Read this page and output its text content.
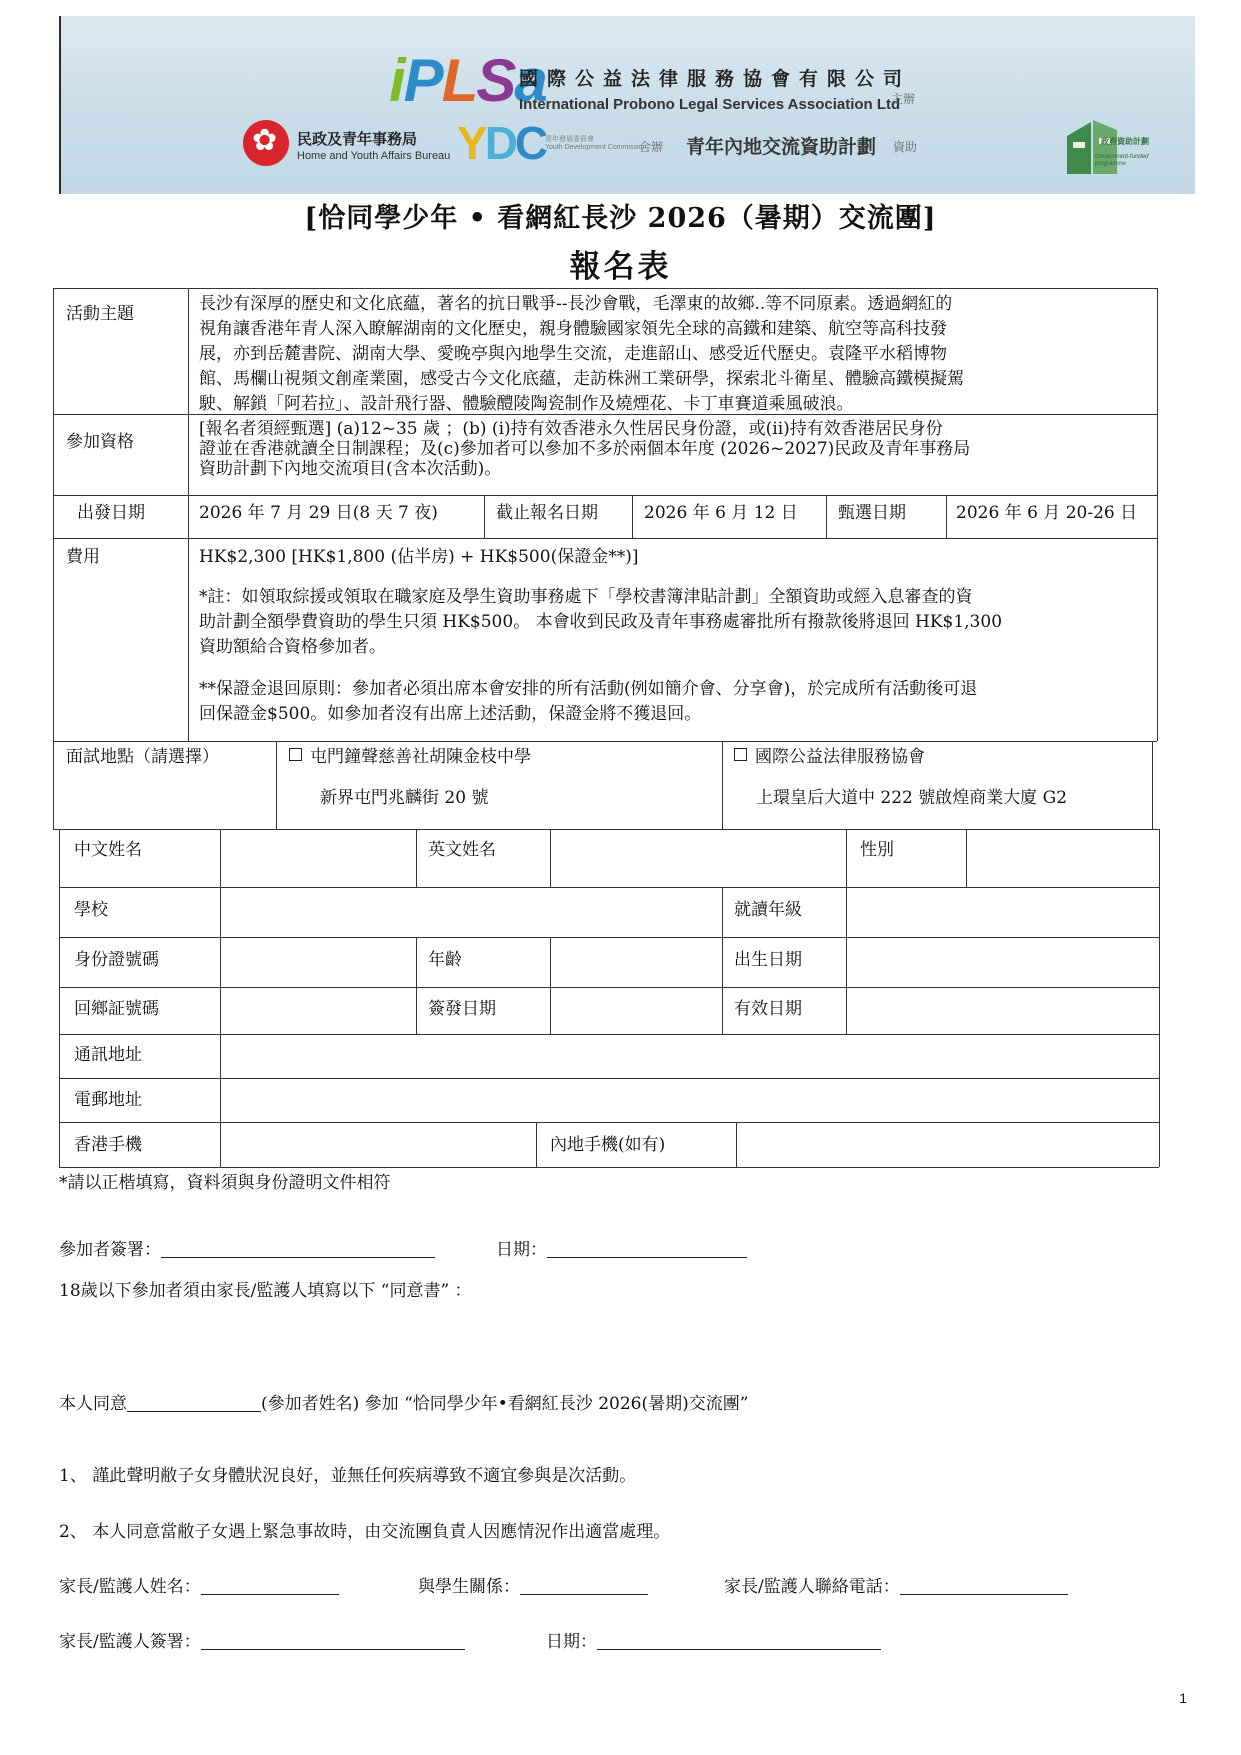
iPLSa
國際公益法律服務協會有限公司
International Probono Legal Services Association Ltd
主辦
✿
民政及青年事務局
Home and Youth Affairs Bureau YDC 青年發展委員會
Youth Development Commission
合辦 青年內地交流資助計劃 資助	政府資助計劃
Government-funded programme
[恰同學少年 • 看網紅長沙 2026（暑期）交流團]
報名表
活動主題	長沙有深厚的歷史和文化底蘊，著名的抗日戰爭--長沙會戰，毛澤東的故鄉..等不同原素。透過網紅的
視角讓香港年青人深入瞭解湖南的文化歷史，親身體驗國家領先全球的高鐵和建築、航空等高科技發
展，亦到岳麓書院、湖南大學、愛晚亭與內地學生交流，走進韶山、感受近代歷史。袁隆平水稻博物
館、馬欄山視頻文創產業園，感受古今文化底蘊，走訪株洲工業研學，探索北斗衛星、體驗高鐵模擬駕
駛、解鎖「阿若拉」、設計飛行器、體驗醴陵陶瓷制作及燒煙花、卡丁車賽道乘風破浪。
參加資格
[報名者須經甄選] (a)12~35 歲 ；(b) (i)持有效香港永久性居民身份證，或(ii)持有效香港居民身份
證並在香港就讀全日制課程；及(c)參加者可以參加不多於兩個本年度 (2026~2027)民政及青年事務局
資助計劃下內地交流項目(含本次活動)。
出發日期	2026 年 7 月 29 日(8 天 7 夜)	截止報名日期	2026 年 6 月 12 日 甄選日期	2026 年 6 月 20-26 日
費用	HK$2,300 [HK$1,800 (佔半房) + HK$500(保證金**)]
*註：如領取綜援或領取在職家庭及學生資助事務處下「學校書簿津貼計劃」全額資助或經入息審查的資
助計劃全額學費資助的學生只須 HK$500。 本會收到民政及青年事務處審批所有撥款後將退回 HK$1,300
資助額給合資格參加者。
**保證金退回原則：參加者必須出席本會安排的所有活動(例如簡介會、分享會)，於完成所有活動後可退
回保證金$500。如參加者沒有出席上述活動，保證金將不獲退回。
面試地點（請選擇）	屯門鐘聲慈善社胡陳金枝中學
新界屯門兆麟街 20 號
國際公益法律服務協會
上環皇后大道中 222 號啟煌商業大廈 G2
中文姓名	英文姓名	性別
學校	就讀年級
身份證號碼	年齡	出生日期
回鄉証號碼	簽發日期	有效日期
通訊地址
電郵地址
香港手機	內地手機(如有)
*請以正楷填寫，資料須與身份證明文件相符
參加者簽署：	日期：
18歲以下參加者須由家長/監護人填寫以下 “同意書” ：
本人同意	(參加者姓名) 參加 “恰同學少年•看網紅長沙 2026(暑期)交流團”
1、 謹此聲明敝子女身體狀況良好，並無任何疾病導致不適宜參與是次活動。
2、 本人同意當敝子女遇上緊急事故時，由交流團負責人因應情況作出適當處理。
家長/監護人姓名：	與學生關係：	家長/監護人聯絡電話：
家長/監護人簽署：	日期：
1
